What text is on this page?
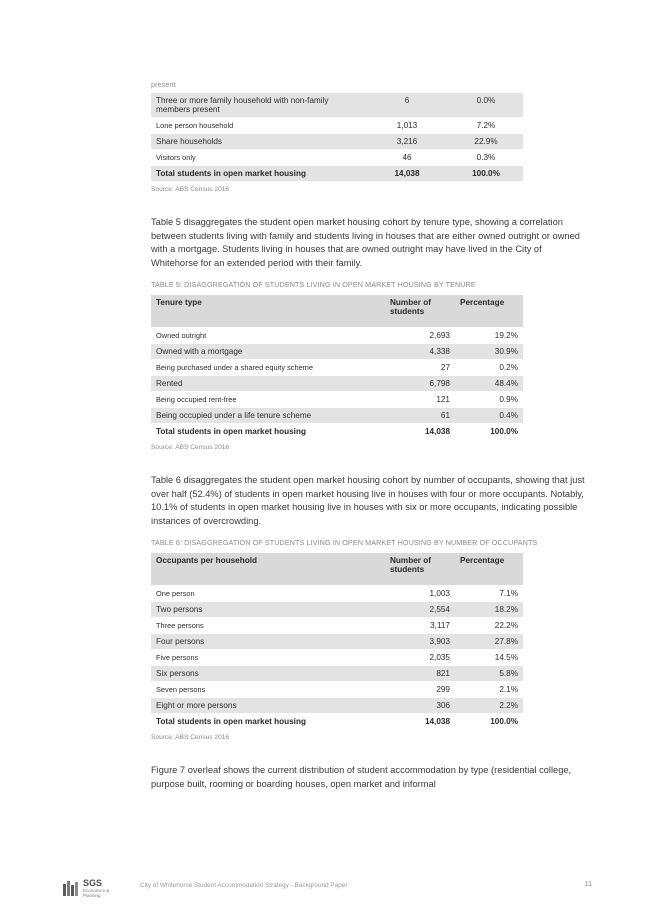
present
Three or more family household with non-family members present	6	0.0%
Lone person household	1,013	7.2%
Share households	3,216	22.9%
Visitors only	46	0.3%
Total students in open market housing	14,038	100.0%
Source: ABS Census 2016

Table 5 disaggregates the student open market housing cohort by tenure type, showing a correlation between students living with family and students living in houses that are either owned outright or owned with a mortgage. Students living in houses that are owned outright may have lived in the City of Whitehorse for an extended period with their family.

TABLE 5: DISAGGREGATION OF STUDENTS LIVING IN OPEN MARKET HOUSING BY TENURE
Tenure type	Number of students	Percentage
Owned outright	2,693	19.2%
Owned with a mortgage	4,338	30.9%
Being purchased under a shared equity scheme	27	0.2%
Rented	6,798	48.4%
Being occupied rent-free	121	0.9%
Being occupied under a life tenure scheme	61	0.4%
Total students in open market housing	14,038	100.0%
Source: ABS Census 2016

Table 6 disaggregates the student open market housing cohort by number of occupants, showing that just over half (52.4%) of students in open market housing live in houses with four or more occupants. Notably, 10.1% of students in open market housing live in houses with six or more occupants, indicating possible instances of overcrowding.

TABLE 6: DISAGGREGATION OF STUDENTS LIVING IN OPEN MARKET HOUSING BY NUMBER OF OCCUPANTS
Occupants per household	Number of students	Percentage
One person	1,003	7.1%
Two persons	2,554	18.2%
Three persons	3,117	22.2%
Four persons	3,903	27.8%
Five persons	2,035	14.5%
Six persons	821	5.8%
Seven persons	299	2.1%
Eight or more persons	306	2.2%
Total students in open market housing	14,038	100.0%
Source: ABS Census 2016

Figure 7 overleaf shows the current distribution of student accommodation by type (residential college, purpose built, rooming or boarding houses, open market and informal

SGS
Economics & Planning
City of Whitehorse Student Accommodation Strategy - Background Paper	11
